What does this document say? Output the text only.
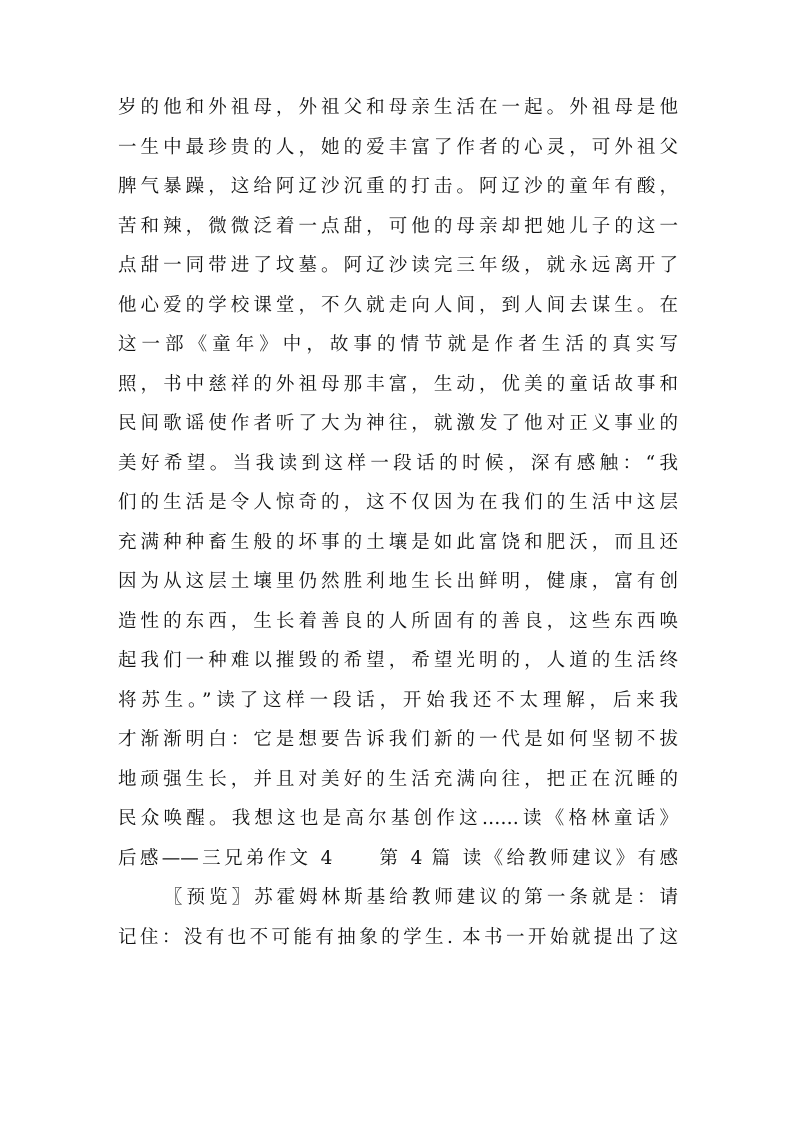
岁的他和外祖母，外祖父和母亲生活在一起。外祖母是他
一生中最珍贵的人，她的爱丰富了作者的心灵，可外祖父
脾气暴躁，这给阿辽沙沉重的打击。阿辽沙的童年有酸，
苦和辣，微微泛着一点甜，可他的母亲却把她儿子的这一
点甜一同带进了坟墓。阿辽沙读完三年级，就永远离开了
他心爱的学校课堂，不久就走向人间，到人间去谋生。在
这一部《童年》中，故事的情节就是作者生活的真实写
照，书中慈祥的外祖母那丰富，生动，优美的童话故事和
民间歌谣使作者听了大为神往，就激发了他对正义事业的
美好希望。当我读到这样一段话的时候，深有感触：“我
们的生活是令人惊奇的，这不仅因为在我们的生活中这层
充满种种畜生般的坏事的土壤是如此富饶和肥沃，而且还
因为从这层土壤里仍然胜利地生长出鲜明，健康，富有创
造性的东西，生长着善良的人所固有的善良，这些东西唤
起我们一种难以摧毁的希望，希望光明的，人道的生活终
将苏生。”读了这样一段话，开始我还不太理解，后来我
才渐渐明白：它是想要告诉我们新的一代是如何坚韧不拔
地顽强生长，并且对美好的生活充满向往，把正在沉睡的
民众唤醒。我想这也是高尔基创作这……读《格林童话》
后感——三兄弟作文 4　　第 4 篇 读《给教师建议》有感
〖预览〗苏霍姆林斯基给教师建议的第一条就是：请
记住：没有也不可能有抽象的学生. 本书一开始就提出了这
